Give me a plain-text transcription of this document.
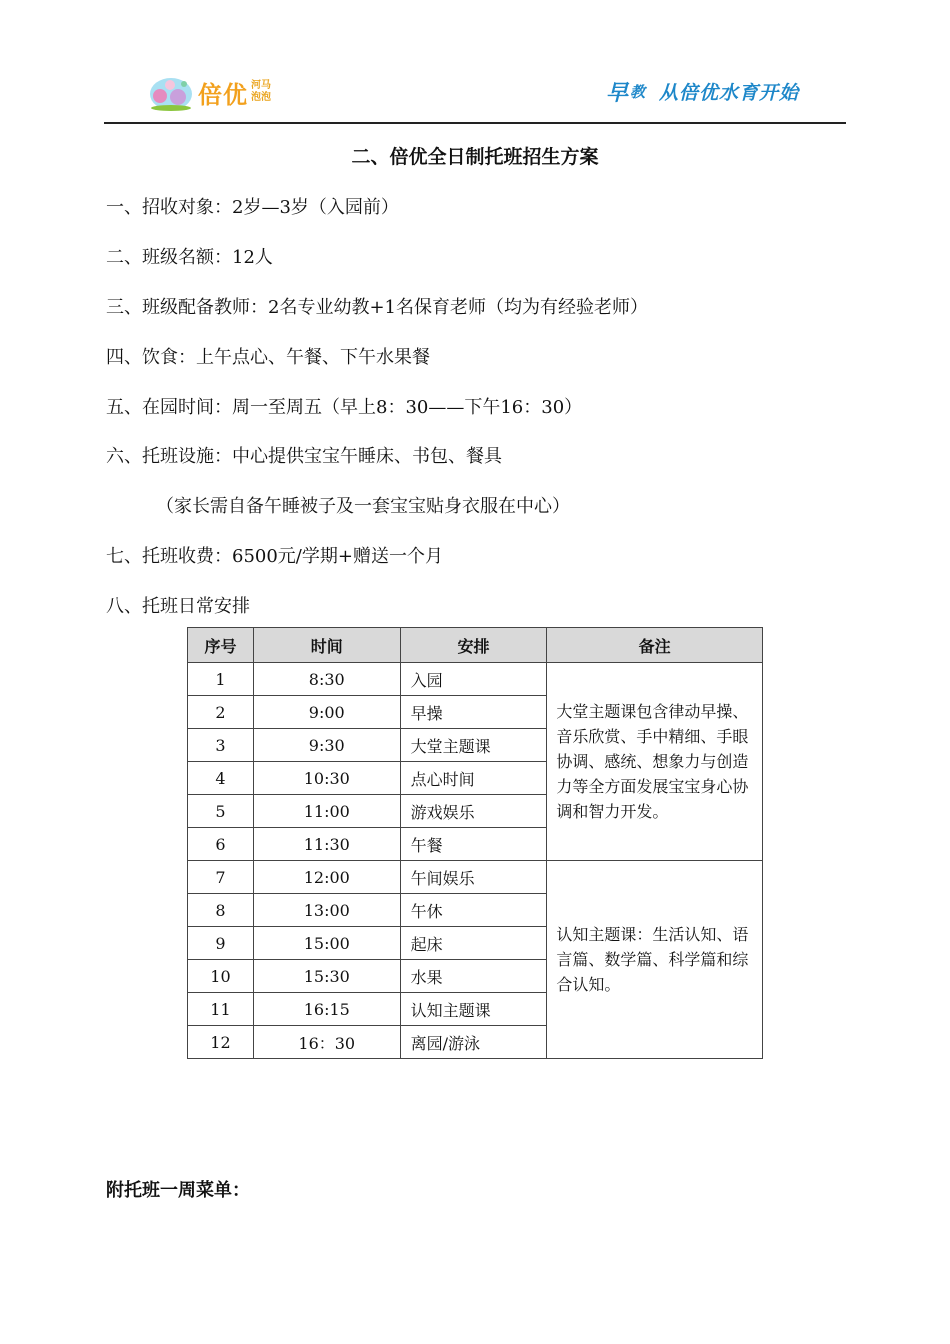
倍优 河马
泡泡	早 教 从倍优水育开始
二、倍优全日制托班招生方案
一、招收对象：2岁—3岁（入园前）
二、班级名额：12人
三、班级配备教师：2名专业幼教+1名保育老师（均为有经验老师）
四、饮食：上午点心、午餐、下午水果餐
五、在园时间：周一至周五（早上8：30——下午16：30）
六、托班设施：中心提供宝宝午睡床、书包、餐具
（家长需自备午睡被子及一套宝宝贴身衣服在中心）
七、托班收费：6500元/学期+赠送一个月
八、托班日常安排
序号	时间	安排	备注
1	8:30	入园	大堂主题课包含律动早操、音乐欣赏、手中精细、手眼协调、感统、想象力与创造力等全方面发展宝宝身心协调和智力开发。
2	9:00	早操	
3	9:30	大堂主题课	
4	10:30	点心时间	
5	11:00	游戏娱乐	
6	11:30	午餐	
7	12:00	午间娱乐	认知主题课：生活认知、语言篇、数学篇、科学篇和综合认知。
8	13:00	午休	
9	15:00	起床	
10	15:30	水果	
11	16:15	认知主题课	
12	16：30	离园/游泳	
附托班一周菜单：
